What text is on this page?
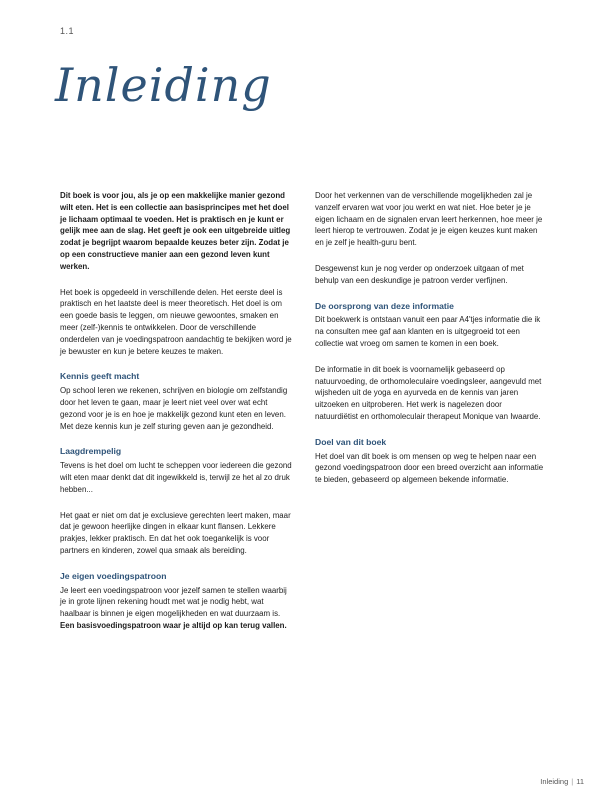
1.1
Inleiding

Dit boek is voor jou, als je op een makkelijke manier gezond wilt eten. Het is een collectie aan basisprincipes met het doel je lichaam optimaal te voeden. Het is praktisch en je kunt er gelijk mee aan de slag. Het geeft je ook een uitgebreide uitleg zodat je begrijpt waarom bepaalde keuzes beter zijn. Zodat je op een constructieve manier aan een gezond leven kunt werken.

Het boek is opgedeeld in verschillende delen. Het eerste deel is praktisch en het laatste deel is meer theoretisch. Het doel is om een goede basis te leggen, om nieuwe gewoontes, smaken en meer (zelf-)kennis te ontwikkelen. Door de verschillende onderdelen van je voedingspatroon aandachtig te bekijken word je je bewuster en kun je betere keuzes te maken.

Kennis geeft macht

Op school leren we rekenen, schrijven en biologie om zelfstandig door het leven te gaan, maar je leert niet veel over wat echt gezond voor je is en hoe je makkelijk gezond kunt eten en leven. Met deze kennis kun je zelf sturing geven aan je gezondheid.

Laagdrempelig

Tevens is het doel om lucht te scheppen voor iedereen die gezond wilt eten maar denkt dat dit ingewikkeld is, terwijl ze het al zo druk hebben...

Het gaat er niet om dat je exclusieve gerechten leert maken, maar dat je gewoon heerlijke dingen in elkaar kunt flansen. Lekkere prakjes, lekker praktisch. En dat het ook toegankelijk is voor partners en kinderen, zowel qua smaak als bereiding.

Je eigen voedingspatroon

Je leert een voedingspatroon voor jezelf samen te stellen waarbij je in grote lijnen rekening houdt met wat je nodig hebt, wat haalbaar is binnen je eigen mogelijkheden en wat duurzaam is. Een basisvoedingspatroon waar je altijd op kan terug vallen.

Door het verkennen van de verschillende mogelijkheden zal je vanzelf ervaren wat voor jou werkt en wat niet. Hoe beter je je eigen lichaam en de signalen ervan leert herkennen, hoe meer je leert hierop te vertrouwen. Zodat je je eigen keuzes kunt maken en je zelf je health-guru bent.

Desgewenst kun je nog verder op onderzoek uitgaan of met behulp van een deskundige je patroon verder verfijnen.

De oorsprong van deze informatie

Dit boekwerk is ontstaan vanuit een paar A4'tjes informatie die ik na consulten mee gaf aan klanten en is uitgegroeid tot een collectie wat vroeg om samen te komen in een boek.

De informatie in dit boek is voornamelijk gebaseerd op natuurvoeding, de orthomoleculaire voedingsleer, aangevuld met wijsheden uit de yoga en ayurveda en de kennis van jaren uitzoeken en uitproberen. Het werk is nagelezen door natuurdiëtist en orthomoleculair therapeut Monique van Iwaarde.

Doel van dit boek

Het doel van dit boek is om mensen op weg te helpen naar een gezond voedingspatroon door een breed overzicht aan informatie te bieden, gebaseerd op algemeen bekende informatie.

Inleiding | 11
